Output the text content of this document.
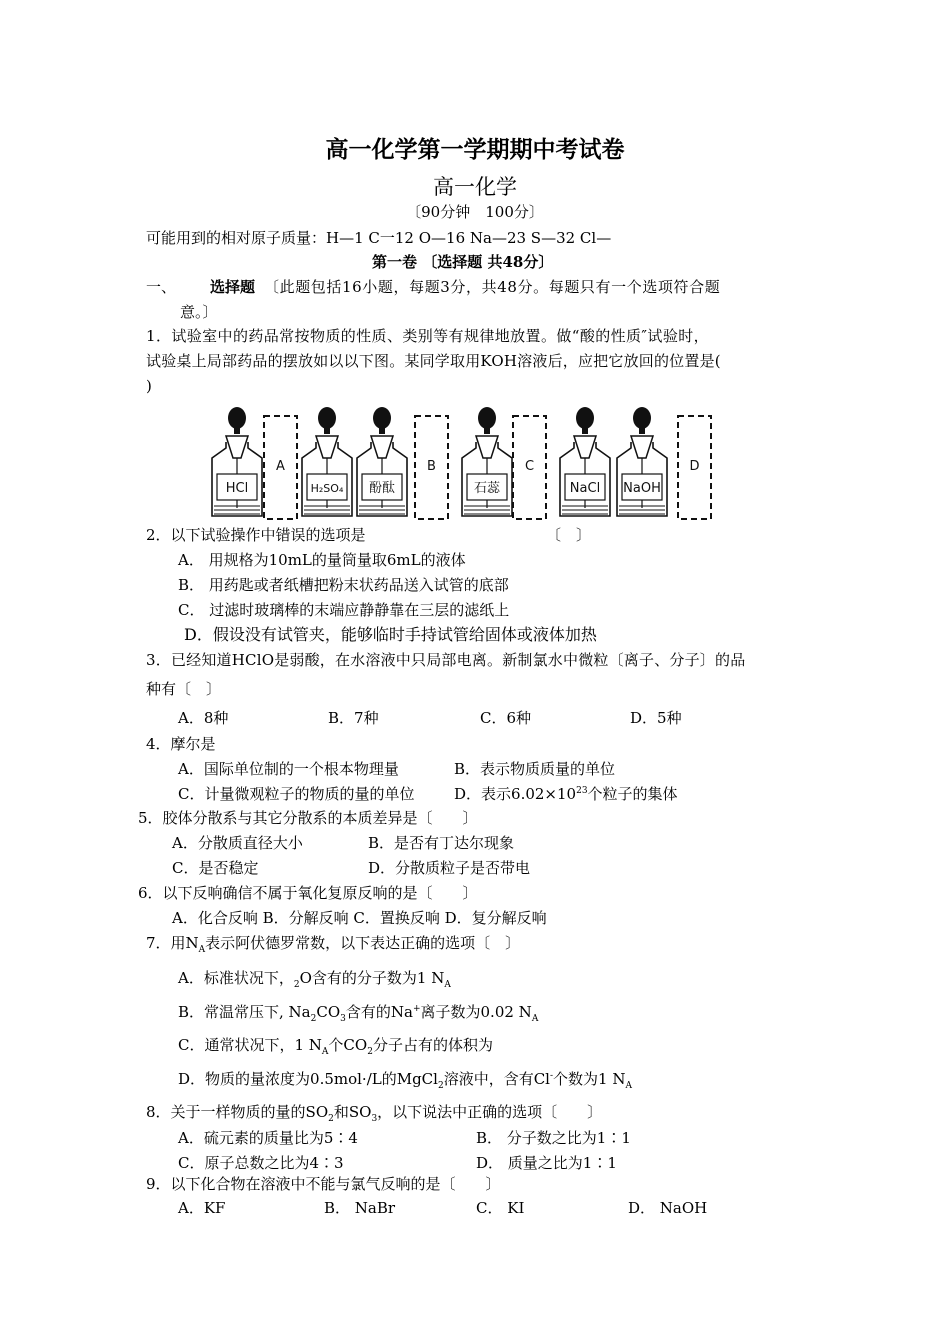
高一化学第一学期期中考试卷
高一化学
〔90分钟　100分〕
可能用到的相对原子质量：H—1 C一12 O—16 Na—23 S—32 Cl—
第一卷 〔选择题 共48分〕
一、 选择题 〔此题包括16小题，每题3分，共48分。每题只有一个选项符合题
意。〕
1．试验室中的药品常按物质的性质、类别等有规律地放置。做“酸的性质″试验时，
试验桌上局部药品的摆放如以以下图。某同学取用KOH溶液后，应把它放回的位置是(
)
HCl	H₂SO₄ 酚酞	石蕊	NaCl NaOH
A	B	C	D
2．以下试验操作中错误的选项是	〔　〕
A． 用规格为10mL的量筒量取6mL的液体
B． 用药匙或者纸槽把粉末状药品送入试管的底部
C． 过滤时玻璃棒的末端应静静靠在三层的滤纸上
D．假设没有试管夹，能够临时手持试管给固体或液体加热
3．已经知道HClO是弱酸，在水溶液中只局部电离。新制氯水中微粒〔离子、分子〕的品
种有〔　〕
A．8种	B．7种	C．6种	D．5种
4．摩尔是
A．国际单位制的一个根本物理量	B．表示物质质量的单位
C．计量微观粒子的物质的量的单位	D．表示$6.02\times 10^{23}$个粒子的集体
5．胶体分散系与其它分散系的本质差异是〔　　〕
A．分散质直径大小	B．是否有丁达尔现象
C．是否稳定	D．分散质粒子是否带电
6．以下反响确信不属于氧化复原反响的是〔　　〕
A．化合反响 B．分解反响 C．置换反响 D．复分解反响
7．用$N_A$表示阿伏德罗常数，以下表达正确的选项〔　〕
A．标准状况下，$_2$O含有的分子数为1 $N_A$
B．常温常压下, $Na_2CO_3$含有的Na+离子数为0.02 $N_A$
C．通常状况下，1 $N_A$个$CO_2$分子占有的体积为
D．物质的量浓度为0.5mol·/L的MgCl$_2$溶液中，含有Cl-个数为1 $N_A$
8．关于一样物质的量的$SO_2$和$SO_3$，以下说法中正确的选项〔　　〕
A．硫元素的质量比为5∶4	B． 分子数之比为1∶1
C．原子总数之比为4∶3	D． 质量之比为1∶1
9．以下化合物在溶液中不能与氯气反响的是〔　　〕
A．KF	B． NaBr	C． KI	D． NaOH
